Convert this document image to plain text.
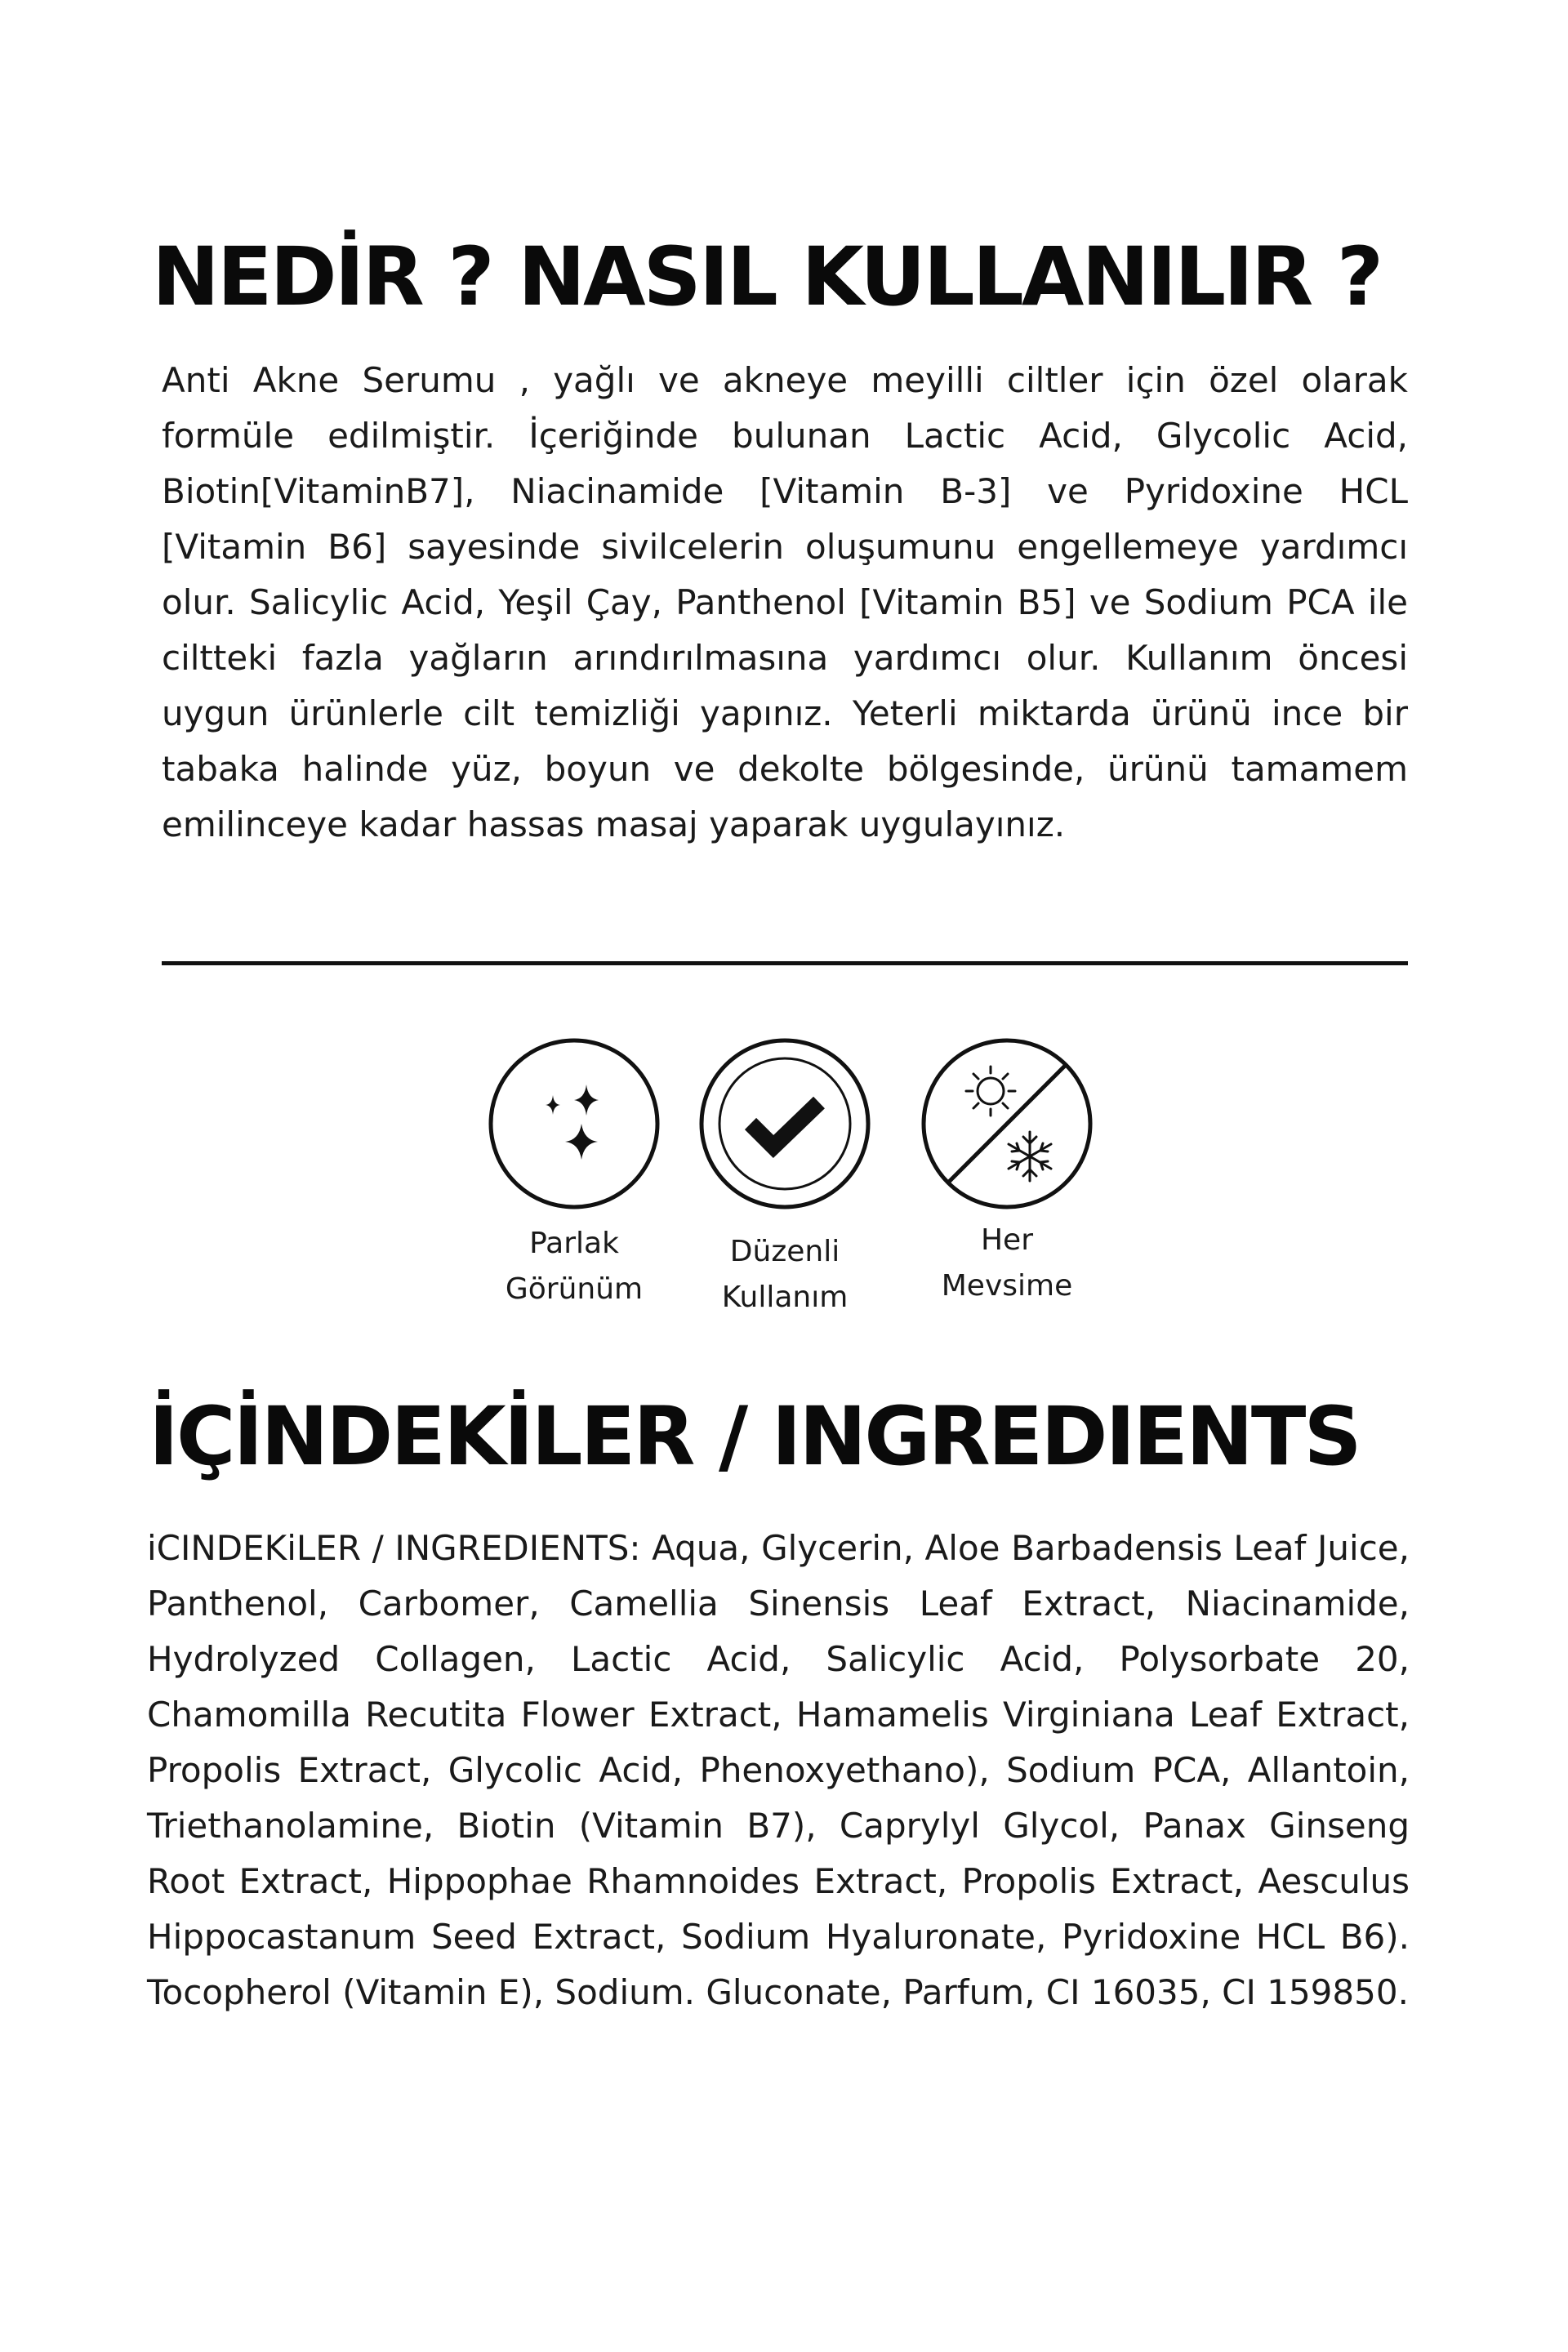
NEDİR ? NASIL KULLANILIR ?

Anti Akne Serumu , yağlı ve akneye meyilli ciltler için özel olarak formüle edilmiştir. İçeriğinde bulunan Lactic Acid, Glycolic Acid, Biotin[VitaminB7], Niacinamide [Vitamin B-3] ve Pyridoxine HCL [Vitamin B6] sayesinde sivilcelerin oluşumunu engellemeye yardımcı olur. Salicylic Acid, Yeşil Çay, Panthenol [Vitamin B5] ve Sodium PCA ile ciltteki fazla yağların arındırılmasına yardımcı olur. Kullanım öncesi uygun ürünlerle cilt temizliği yapınız. Yeterli miktarda ürünü ince bir tabaka halinde yüz, boyun ve dekolte bölgesinde, ürünü tamamem emilinceye kadar hassas masaj yaparak uygulayınız.

Parlak
Görünüm

Düzenli
Kullanım

Her
Mevsime

İÇİNDEKİLER / INGREDIENTS

iCINDEKiLER / INGREDIENTS: Aqua, Glycerin, Aloe Barbadensis Leaf Juice, Panthenol, Carbomer, Camellia Sinensis Leaf Extract, Niacinamide, Hydrolyzed Collagen, Lactic Acid, Salicylic Acid, Polysorbate 20, Chamomilla Recutita Flower Extract, Hamamelis Virginiana Leaf Extract, Propolis Extract, Glycolic Acid, Phenoxyethano), Sodium PCA, Allantoin, Triethanolamine, Biotin (Vitamin B7), Caprylyl Glycol, Panax Ginseng Root Extract, Hippophae Rhamnoides Extract, Propolis Extract, Aesculus Hippocastanum Seed Extract, Sodium Hyaluronate, Pyridoxine HCL B6). Tocopherol (Vitamin E), Sodium. Gluconate, Parfum, CI 16035, CI 159850.
